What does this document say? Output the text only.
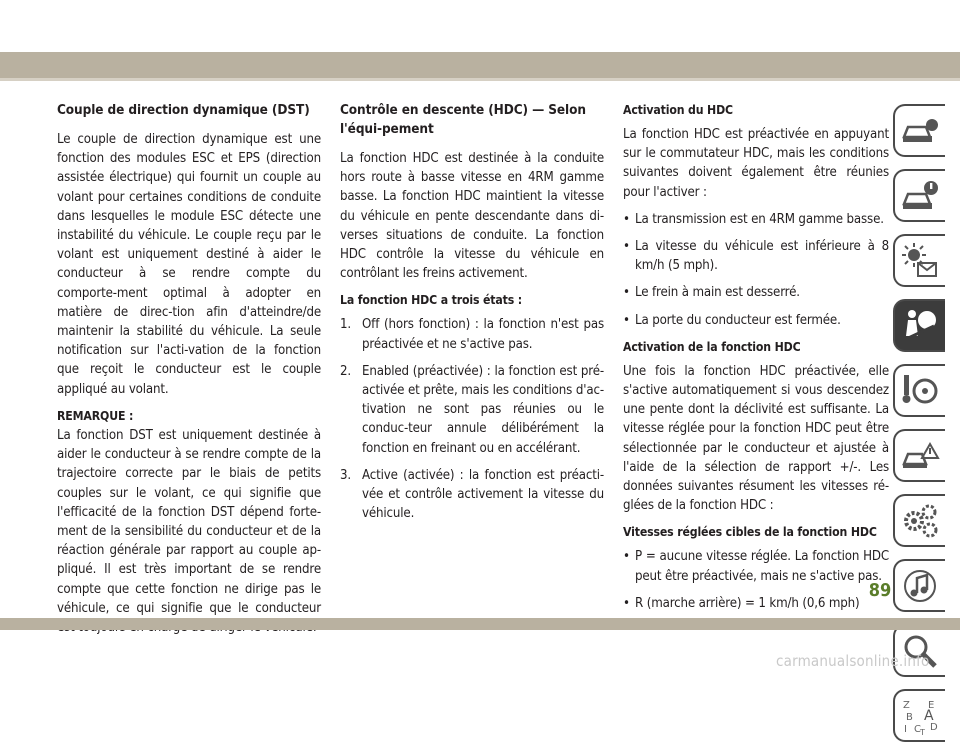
Couple de direction dynamique (DST)

Le couple de direction dynamique est une fonction des modules ESC et EPS (direction assistée électrique) qui fournit un couple au volant pour certaines conditions de conduite dans lesquelles le module ESC détecte une instabilité du véhicule. Le couple reçu par le volant est uniquement destiné à aider le conducteur à se rendre compte du comporte-ment optimal à adopter en matière de direc-tion afin d'atteindre/de maintenir la stabilité du véhicule. La seule notification sur l'acti-vation de la fonction que reçoit le conducteur est le couple appliqué au volant.

REMARQUE :

La fonction DST est uniquement destinée à aider le conducteur à se rendre compte de la trajectoire correcte par le biais de petits couples sur le volant, ce qui signifie que l'efficacité de la fonction DST dépend forte-ment de la sensibilité du conducteur et de la réaction générale par rapport au couple ap-pliqué. Il est très important de se rendre compte que cette fonction ne dirige pas le véhicule, ce qui signifie que le conducteur

Contrôle en descente (HDC) — Selon l'équi-pement

La fonction HDC est destinée à la conduite hors route à basse vitesse en 4RM gamme basse. La fonction HDC maintient la vitesse du véhicule en pente descendante dans di-verses situations de conduite. La fonction HDC contrôle la vitesse du véhicule en contrôlant les freins activement.

La fonction HDC a trois états :
1. Off (hors fonction) : la fonction n'est pas préactivée et ne s'active pas.
2. Enabled (préactivée) : la fonction est pré-activée et prête, mais les conditions d'ac-tivation ne sont pas réunies ou le conduc-teur annule délibérément la fonction en freinant ou en accélérant.
3. Active (activée) : la fonction est préacti-vée et contrôle activement la vitesse du véhicule.
Activation du HDC

La fonction HDC est préactivée en appuyant sur le commutateur HDC, mais les conditions suivantes doivent également être réunies pour l'activer :

• La transmission est en 4RM gamme basse.
• La vitesse du véhicule est inférieure à 8 km/h (5 mph).
• Le frein à main est desserré.
• La porte du conducteur est fermée.
Activation de la fonction HDC

Une fois la fonction HDC préactivée, elle s'active automatiquement si vous descendez une pente dont la déclivité est suffisante. La vitesse réglée pour la fonction HDC peut être sélectionnée par le conducteur et ajustée à l'aide de la sélection de rapport +/-. Les données suivantes résument les vitesses ré-glées de la fonction HDC :

Vitesses réglées cibles de la fonction HDC
• P = aucune vitesse réglée. La fonction HDC peut être préactivée, mais ne s'active pas.
• R (marche arrière) = 1 km/h (0,6 mph)
Z E
B A
I C D
T
89
carmanualsonline.info
